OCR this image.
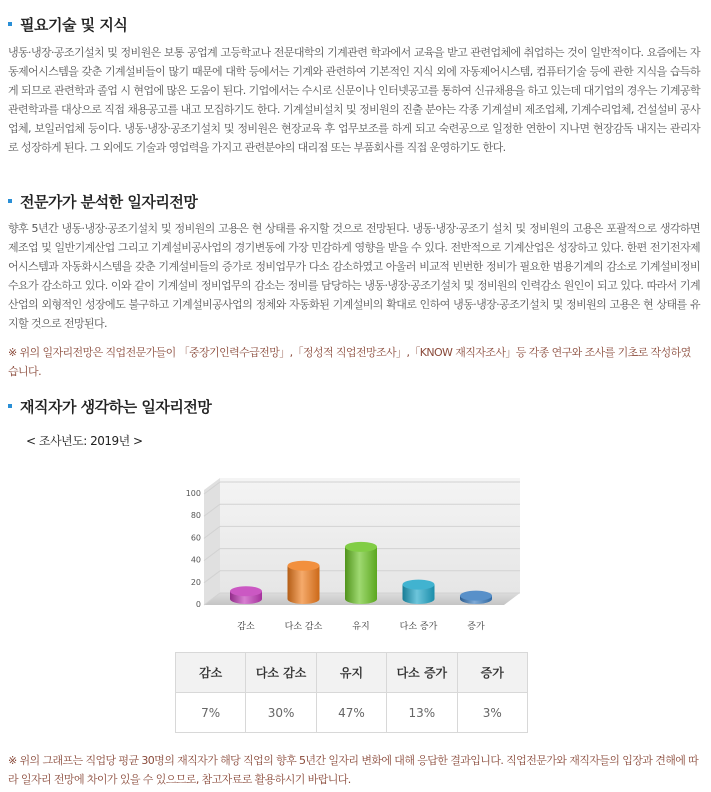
필요기술 및 지식
냉동·냉장·공조기설치 및 정비원은 보통 공업계 고등학교나 전문대학의 기계관련 학과에서 교육을 받고 관련업체에 취업하는 것이 일반적이다. 요즘에는 자동제어시스템을 갖춘 기계설비들이 많기 때문에 대학 등에서는 기계와 관련하여 기본적인 지식 외에 자동제어시스템, 컴퓨터기술 등에 관한 지식을 습득하게 되므로 관련학과 졸업 시 현업에 많은 도움이 된다. 기업에서는 수시로 신문이나 인터넷공고를 통하여 신규채용을 하고 있는데 대기업의 경우는 기계공학 관련학과를 대상으로 직접 채용공고를 내고 모집하기도 한다. 기계설비설치 및 정비원의 진출 분야는 각종 기계설비 제조업체, 기계수리업체, 건설설비 공사업체, 보일러업체 등이다. 냉동·냉장·공조기설치 및 정비원은 현장교육 후 업무보조를 하게 되고 숙련공으로 일정한 연한이 지나면 현장감독 내지는 관리자로 성장하게 된다. 그 외에도 기술과 영업력을 가지고 관련분야의 대리점 또는 부품회사를 직접 운영하기도 한다.
전문가가 분석한 일자리전망
향후 5년간 냉동·냉장·공조기설치 및 정비원의 고용은 현 상태를 유지할 것으로 전망된다. 냉동·냉장·공조기 설치 및 정비원의 고용은 포괄적으로 생각하면 제조업 및 일반기계산업 그리고 기계설비공사업의 경기변동에 가장 민감하게 영향을 받을 수 있다. 전반적으로 기계산업은 성장하고 있다. 한편 전기전자제어시스템과 자동화시스템을 갖춘 기계설비들의 증가로 정비업무가 다소 감소하였고 아울러 비교적 빈번한 정비가 필요한 범용기계의 감소로 기계설비정비수요가 감소하고 있다. 이와 같이 기계설비 정비업무의 감소는 정비를 담당하는 냉동·냉장·공조기설치 및 정비원의 인력감소 원인이 되고 있다. 따라서 기계산업의 외형적인 성장에도 불구하고 기계설비공사업의 정체와 자동화된 기계설비의 확대로 인하여 냉동·냉장·공조기설치 및 정비원의 고용은 현 상태를 유지할 것으로 전망된다.
※ 위의 일자리전망은 직업전문가들이 「중장기인력수급전망」,「정성적 직업전망조사」,「KNOW 재직자조사」등 각종 연구와 조사를 기초로 작성하였습니다.
재직자가 생각하는 일자리전망
< 조사년도: 2019년 >
0
20
40
60
80
100
감소	다소 감소	유지	다소 증가	증가
감소	다소 감소	유지	다소 증가	증가
7%	30%	47%	13%	3%
※ 위의 그래프는 직업당 평균 30명의 재직자가 해당 직업의 향후 5년간 일자리 변화에 대해 응답한 결과입니다. 직업전문가와 재직자들의 입장과 견해에 따라 일자리 전망에 차이가 있을 수 있으므로, 참고자료로 활용하시기 바랍니다.
